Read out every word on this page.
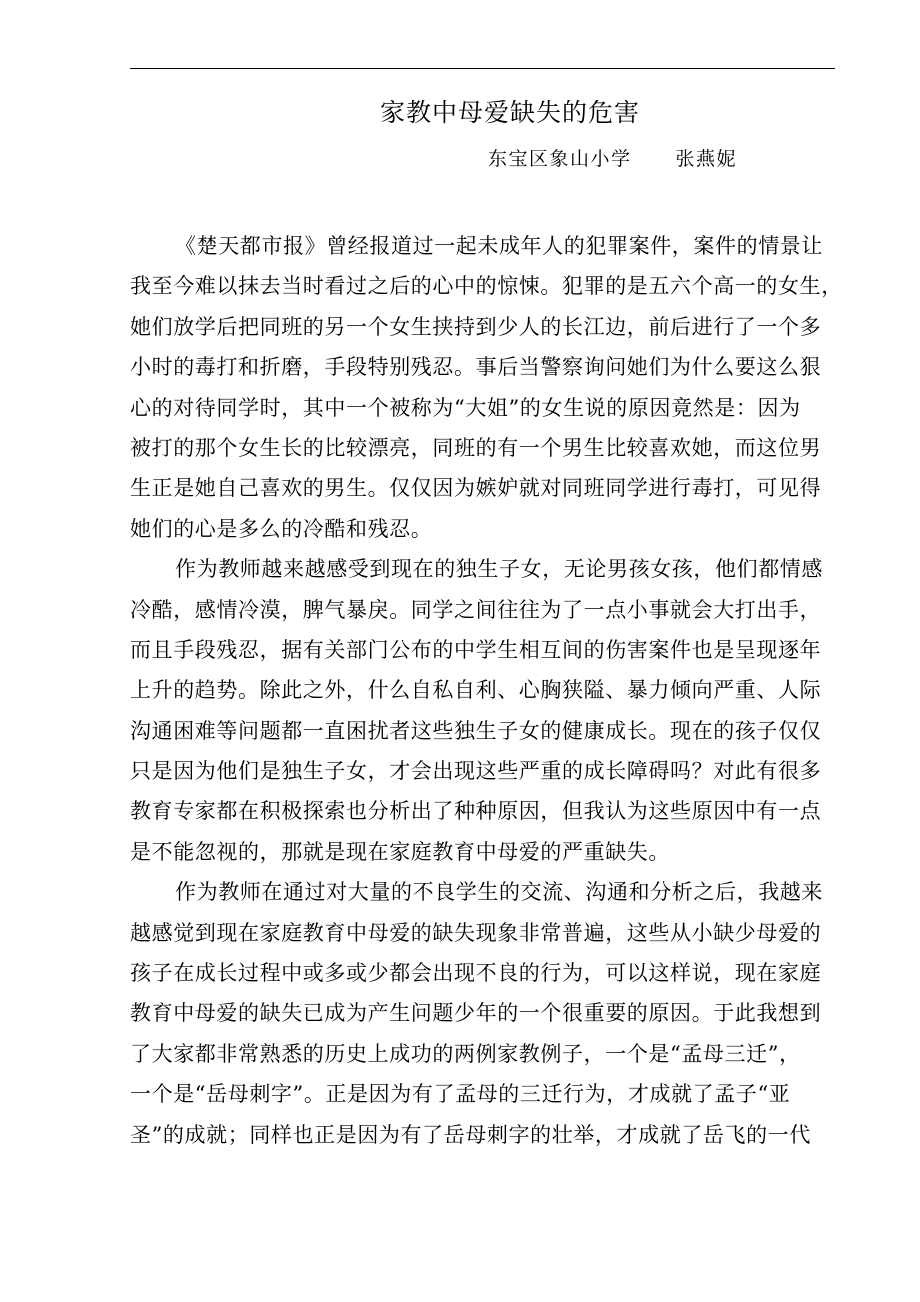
家教中母爱缺失的危害
东宝区象山小学 张燕妮
《楚天都市报》曾经报道过一起未成年人的犯罪案件，案件的情景让
我至今难以抹去当时看过之后的心中的惊悚。犯罪的是五六个高一的女生，
她们放学后把同班的另一个女生挟持到少人的长江边，前后进行了一个多
小时的毒打和折磨，手段特别残忍。事后当警察询问她们为什么要这么狠
心的对待同学时，其中一个被称为“大姐”的女生说的原因竟然是：因为
被打的那个女生长的比较漂亮，同班的有一个男生比较喜欢她，而这位男
生正是她自己喜欢的男生。仅仅因为嫉妒就对同班同学进行毒打，可见得
她们的心是多么的冷酷和残忍。
作为教师越来越感受到现在的独生子女，无论男孩女孩，他们都情感
冷酷，感情冷漠，脾气暴戾。同学之间往往为了一点小事就会大打出手，
而且手段残忍，据有关部门公布的中学生相互间的伤害案件也是呈现逐年
上升的趋势。除此之外，什么自私自利、心胸狭隘、暴力倾向严重、人际
沟通困难等问题都一直困扰者这些独生子女的健康成长。现在的孩子仅仅
只是因为他们是独生子女，才会出现这些严重的成长障碍吗？对此有很多
教育专家都在积极探索也分析出了种种原因，但我认为这些原因中有一点
是不能忽视的，那就是现在家庭教育中母爱的严重缺失。
作为教师在通过对大量的不良学生的交流、沟通和分析之后，我越来
越感觉到现在家庭教育中母爱的缺失现象非常普遍，这些从小缺少母爱的
孩子在成长过程中或多或少都会出现不良的行为，可以这样说，现在家庭
教育中母爱的缺失已成为产生问题少年的一个很重要的原因。于此我想到
了大家都非常熟悉的历史上成功的两例家教例子，一个是“孟母三迁”，
一个是“岳母刺字”。正是因为有了孟母的三迁行为，才成就了孟子“亚
圣”的成就；同样也正是因为有了岳母刺字的壮举，才成就了岳飞的一代
